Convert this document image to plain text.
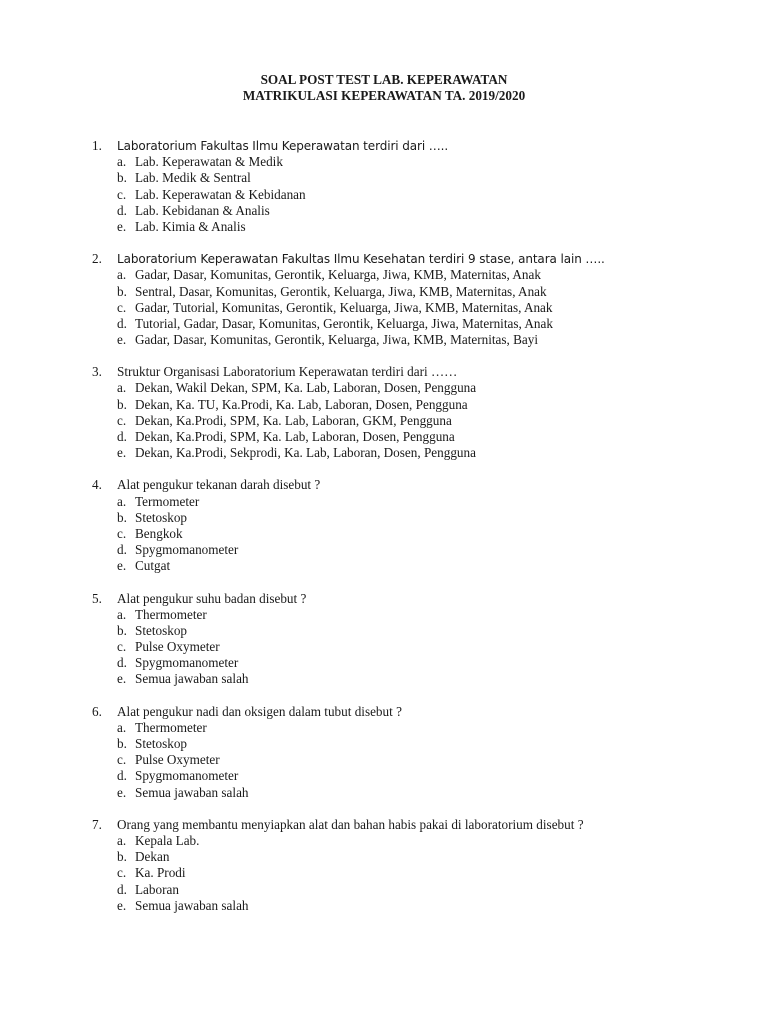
SOAL POST TEST LAB. KEPERAWATAN
MATRIKULASI KEPERAWATAN TA. 2019/2020
1. Laboratorium Fakultas Ilmu Keperawatan terdiri dari …..
a. Lab. Keperawatan & Medik
b. Lab. Medik & Sentral
c. Lab. Keperawatan & Kebidanan
d. Lab. Kebidanan & Analis
e. Lab. Kimia & Analis
2. Laboratorium Keperawatan Fakultas Ilmu Kesehatan terdiri 9 stase, antara lain …..
a. Gadar, Dasar, Komunitas, Gerontik, Keluarga, Jiwa, KMB, Maternitas, Anak
b. Sentral, Dasar, Komunitas, Gerontik, Keluarga, Jiwa, KMB, Maternitas, Anak
c. Gadar, Tutorial, Komunitas, Gerontik, Keluarga, Jiwa, KMB, Maternitas, Anak
d. Tutorial, Gadar, Dasar, Komunitas, Gerontik, Keluarga, Jiwa, Maternitas, Anak
e. Gadar, Dasar, Komunitas, Gerontik, Keluarga, Jiwa, KMB, Maternitas, Bayi
3. Struktur Organisasi Laboratorium Keperawatan terdiri dari ……
a. Dekan, Wakil Dekan, SPM, Ka. Lab, Laboran, Dosen, Pengguna
b. Dekan, Ka. TU, Ka.Prodi, Ka. Lab, Laboran, Dosen, Pengguna
c. Dekan, Ka.Prodi, SPM, Ka. Lab, Laboran, GKM, Pengguna
d. Dekan, Ka.Prodi, SPM, Ka. Lab, Laboran, Dosen, Pengguna
e. Dekan, Ka.Prodi, Sekprodi, Ka. Lab, Laboran, Dosen, Pengguna
4. Alat pengukur tekanan darah disebut ?
a. Termometer
b. Stetoskop
c. Bengkok
d. Spygmomanometer
e. Cutgat
5. Alat pengukur suhu badan disebut ?
a. Thermometer
b. Stetoskop
c. Pulse Oxymeter
d. Spygmomanometer
e. Semua jawaban salah
6. Alat pengukur nadi dan oksigen dalam tubut disebut ?
a. Thermometer
b. Stetoskop
c. Pulse Oxymeter
d. Spygmomanometer
e. Semua jawaban salah
7. Orang yang membantu menyiapkan alat dan bahan habis pakai di laboratorium disebut ?
a. Kepala Lab.
b. Dekan
c. Ka. Prodi
d. Laboran
e. Semua jawaban salah
